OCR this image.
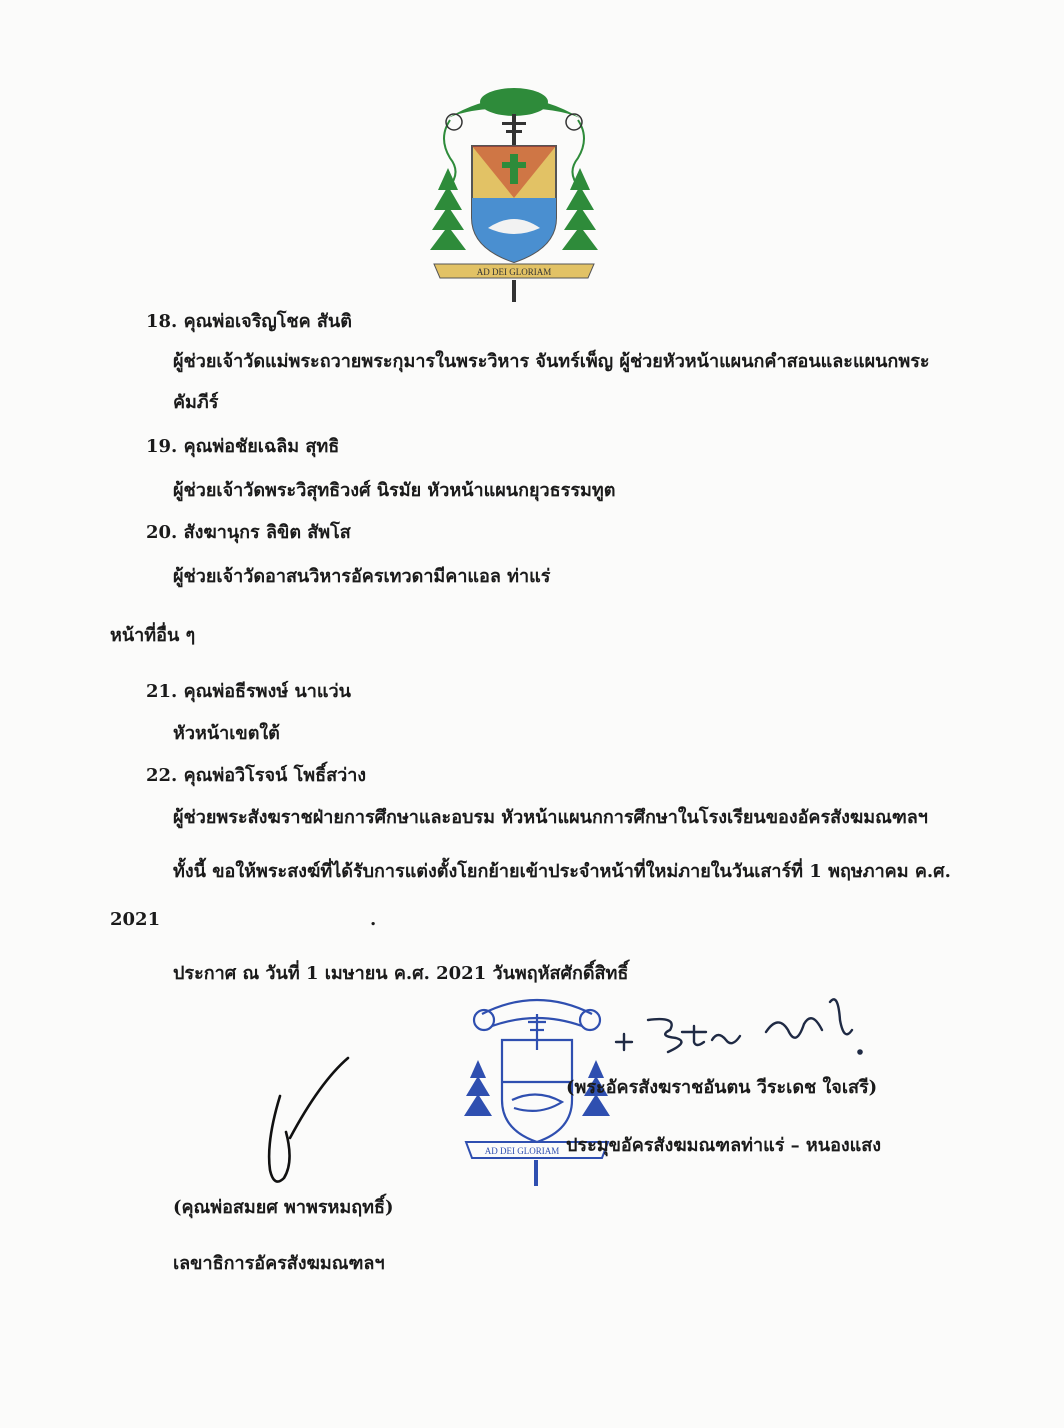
AD DEI GLORIAM
18. คุณพ่อเจริญโชค สันติ
ผู้ช่วยเจ้าวัดแม่พระถวายพระกุมารในพระวิหาร จันทร์เพ็ญ ผู้ช่วยหัวหน้าแผนกคำสอนและแผนกพระ
คัมภีร์
19. คุณพ่อชัยเฉลิม สุทธิ
ผู้ช่วยเจ้าวัดพระวิสุทธิวงศ์ นิรมัย หัวหน้าแผนกยุวธรรมทูต
20. สังฆานุกร ลิขิต สัพโส
ผู้ช่วยเจ้าวัดอาสนวิหารอัครเทวดามีคาแอล ท่าแร่
หน้าที่อื่น ๆ
21. คุณพ่อธีรพงษ์ นาแว่น
หัวหน้าเขตใต้
22. คุณพ่อวิโรจน์ โพธิ์สว่าง
ผู้ช่วยพระสังฆราชฝ่ายการศึกษาและอบรม หัวหน้าแผนกการศึกษาในโรงเรียนของอัครสังฆมณฑลฯ
ทั้งนี้ ขอให้พระสงฆ์ที่ได้รับการแต่งตั้งโยกย้ายเข้าประจำหน้าที่ใหม่ภายในวันเสาร์ที่ 1 พฤษภาคม ค.ศ.
2021	.
ประกาศ ณ วันที่ 1 เมษายน ค.ศ. 2021 วันพฤหัสศักดิ์สิทธิ์
AD DEI GLORIAM
(พระอัครสังฆราชอันตน วีระเดช ใจเสรี)
ประมุขอัครสังฆมณฑลท่าแร่ – หนองแสง
(คุณพ่อสมยศ พาพรหมฤทธิ์)
เลขาธิการอัครสังฆมณฑลฯ
